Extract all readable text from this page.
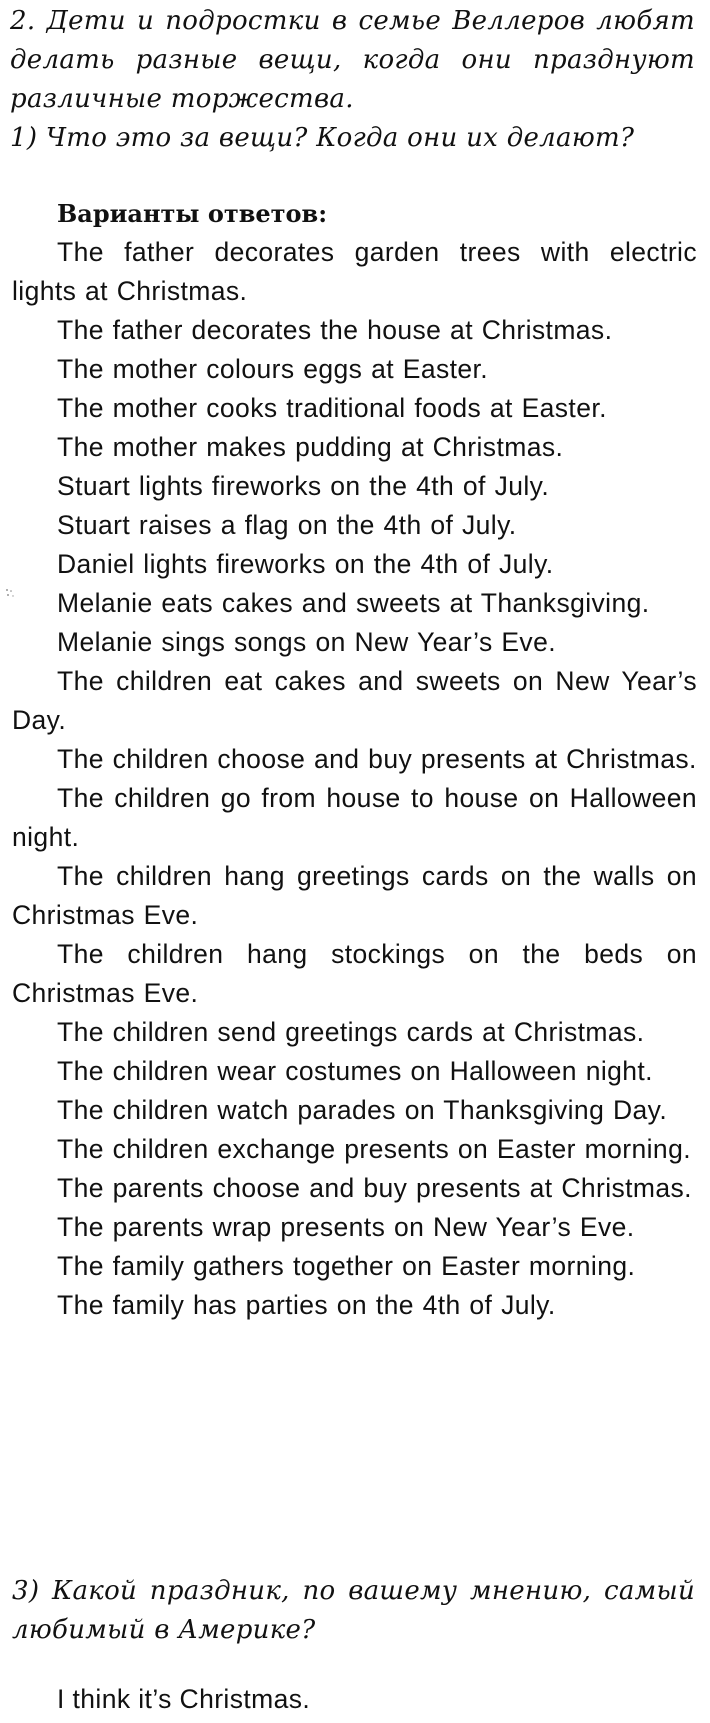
2. Дети и подростки в семье Веллеров любят делать разные вещи, когда они празднуют различные торжества.
1) Что это за вещи? Когда они их делают?
Варианты ответов:
The father decorates garden trees with electric lights at Christmas.
The father decorates the house at Christmas.
The mother colours eggs at Easter.
The mother cooks traditional foods at Easter.
The mother makes pudding at Christmas.
Stuart lights fireworks on the 4th of July.
Stuart raises a flag on the 4th of July.
Daniel lights fireworks on the 4th of July.
Melanie eats cakes and sweets at Thanksgiving.
Melanie sings songs on New Year’s Eve.
The children eat cakes and sweets on New Year’s Day.
The children choose and buy presents at Christmas.
The children go from house to house on Halloween night.
The children hang greetings cards on the walls on Christmas Eve.
The children hang stockings on the beds on Christmas Eve.
The children send greetings cards at Christmas.
The children wear costumes on Halloween night.
The children watch parades on Thanksgiving Day.
The children exchange presents on Easter morning.
The parents choose and buy presents at Christmas.
The parents wrap presents on New Year’s Eve.
The family gathers together on Easter morning.
The family has parties on the 4th of July.
3) Какой праздник, по вашему мнению, самый любимый в Америке?
I think it’s Christmas.
